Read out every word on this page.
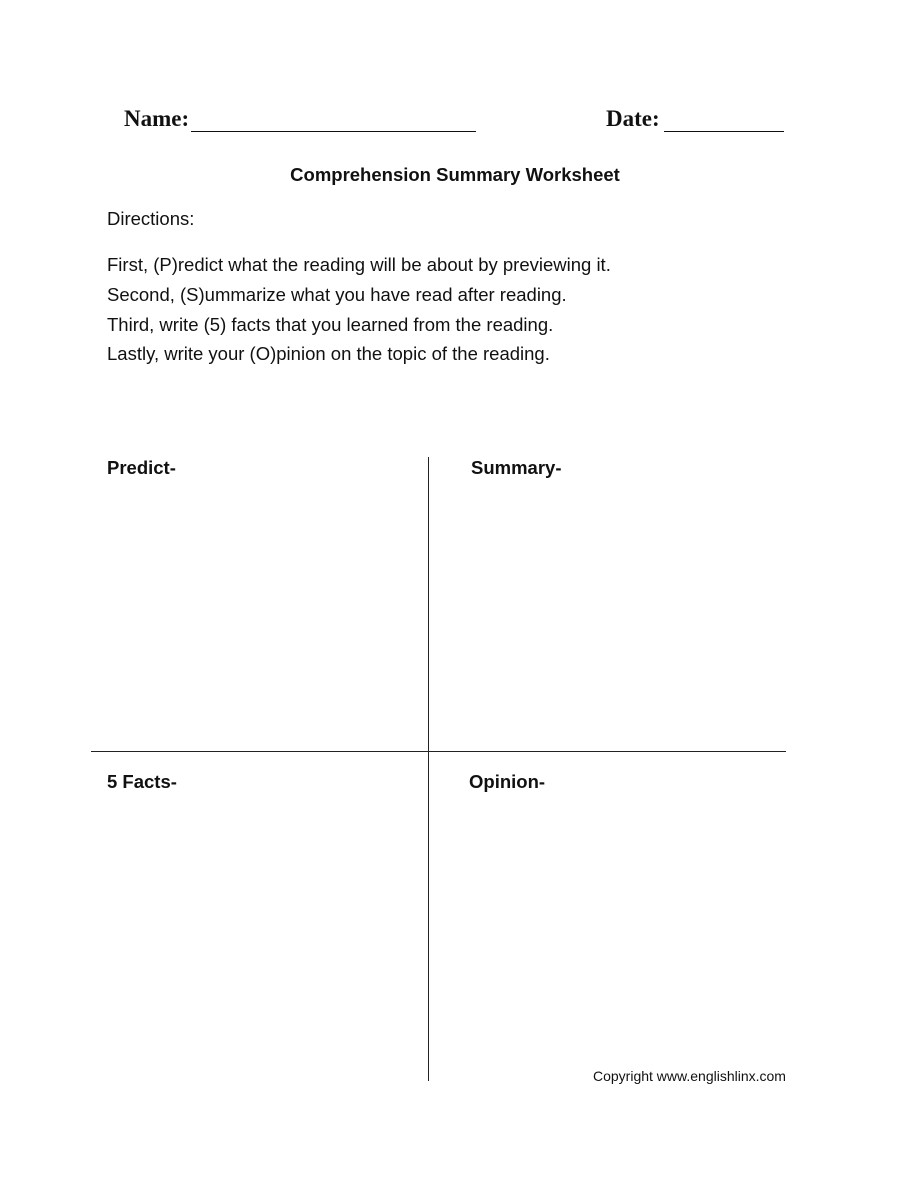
Name:	Date:
Comprehension Summary Worksheet
Directions:
First, (P)redict what the reading will be about by previewing it.
Second, (S)ummarize what you have read after reading.
Third, write (5) facts that you learned from the reading.
Lastly, write your (O)pinion on the topic of the reading.
Predict-	Summary-
5 Facts-	Opinion-
Copyright www.englishlinx.com
